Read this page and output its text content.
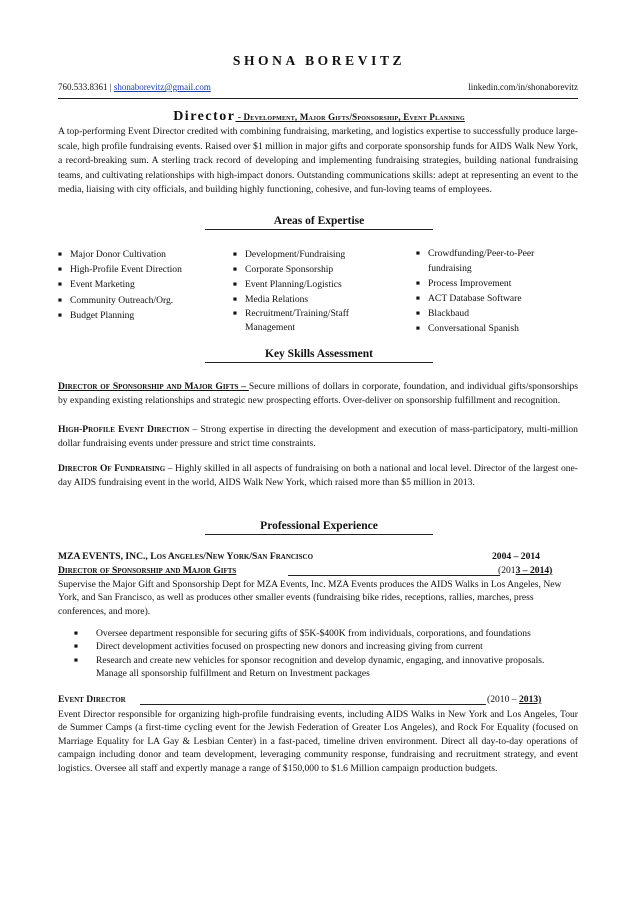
SHONA BOREVITZ
760.533.8361 | shonaborevitz@gmail.com	linkedin.com/in/shonaborevitz
Director - Development, Major Gifts/Sponsorship, Event Planning
A top-performing Event Director credited with combining fundraising, marketing, and logistics expertise to successfully produce large-scale, high profile fundraising events. Raised over $1 million in major gifts and corporate sponsorship funds for AIDS Walk New York, a record-breaking sum. A sterling track record of developing and implementing fundraising strategies, building national fundraising teams, and cultivating relationships with high-impact donors. Outstanding communications skills: adept at representing an event to the media, liaising with city officials, and building highly functioning, cohesive, and fun-loving teams of employees.
Areas of Expertise
■ Major Donor Cultivation
■ High-Profile Event Direction
■ Event Marketing
■ Community Outreach/Org.
■ Budget Planning
■ Development/Fundraising
■ Corporate Sponsorship
■ Event Planning/Logistics
■ Media Relations
■ Recruitment/Training/Staff Management
■ Crowdfunding/Peer-to-Peer fundraising
■ Process Improvement
■ ACT Database Software
■ Blackbaud
■ Conversational Spanish
Key Skills Assessment
Director of Sponsorship and Major Gifts – Secure millions of dollars in corporate, foundation, and individual gifts/sponsorships by expanding existing relationships and strategic new prospecting efforts. Over-deliver on sponsorship fulfillment and recognition.
High-Profile Event Direction – Strong expertise in directing the development and execution of mass-participatory, multi-million dollar fundraising events under pressure and strict time constraints.
Director Of Fundraising – Highly skilled in all aspects of fundraising on both a national and local level. Director of the largest one-day AIDS fundraising event in the world, AIDS Walk New York, which raised more than $5 million in 2013.
Professional Experience
MZA EVENTS, INC., Los Angeles/New York/San Francisco	2004 – 2014
Director of Sponsorship and Major Gifts	(2013 – 2014)
Supervise the Major Gift and Sponsorship Dept for MZA Events, Inc. MZA Events produces the AIDS Walks in Los Angeles, New York, and San Francisco, as well as produces other smaller events (fundraising bike rides, receptions, rallies, marches, press conferences, and more).
■ Oversee department responsible for securing gifts of $5K-$400K from individuals, corporations, and foundations
■ Direct development activities focused on prospecting new donors and increasing giving from current
■ Research and create new vehicles for sponsor recognition and develop dynamic, engaging, and innovative proposals. Manage all sponsorship fulfillment and Return on Investment packages
Event Director	(2010 – 2013)
Event Director responsible for organizing high-profile fundraising events, including AIDS Walks in New York and Los Angeles, Tour de Summer Camps (a first-time cycling event for the Jewish Federation of Greater Los Angeles), and Rock For Equality (focused on Marriage Equality for LA Gay & Lesbian Center) in a fast-paced, timeline driven environment. Direct all day-to-day operations of campaign including donor and team development, leveraging community response, fundraising and recruitment strategy, and event logistics. Oversee all staff and expertly manage a range of $150,000 to $1.6 Million campaign production budgets.
